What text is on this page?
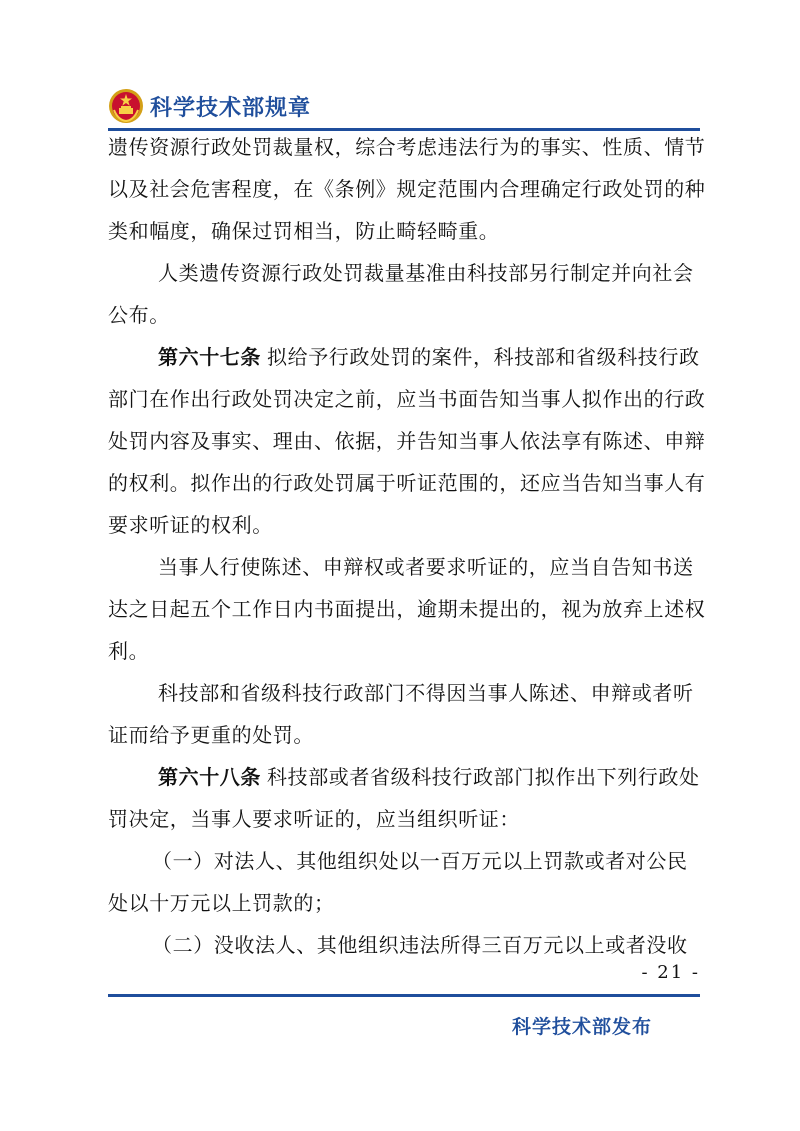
科学技术部规章

遗传资源行政处罚裁量权，综合考虑违法行为的事实、性质、情节以及社会危害程度，在《条例》规定范围内合理确定行政处罚的种类和幅度，确保过罚相当，防止畸轻畸重。

人类遗传资源行政处罚裁量基准由科技部另行制定并向社会公布。

第六十七条 拟给予行政处罚的案件，科技部和省级科技行政部门在作出行政处罚决定之前，应当书面告知当事人拟作出的行政处罚内容及事实、理由、依据，并告知当事人依法享有陈述、申辩的权利。拟作出的行政处罚属于听证范围的，还应当告知当事人有要求听证的权利。

当事人行使陈述、申辩权或者要求听证的，应当自告知书送达之日起五个工作日内书面提出，逾期未提出的，视为放弃上述权利。

科技部和省级科技行政部门不得因当事人陈述、申辩或者听证而给予更重的处罚。

第六十八条 科技部或者省级科技行政部门拟作出下列行政处罚决定，当事人要求听证的，应当组织听证：

（一）对法人、其他组织处以一百万元以上罚款或者对公民处以十万元以上罚款的；

（二）没收法人、其他组织违法所得三百万元以上或者没收

- 21 -
科学技术部发布
